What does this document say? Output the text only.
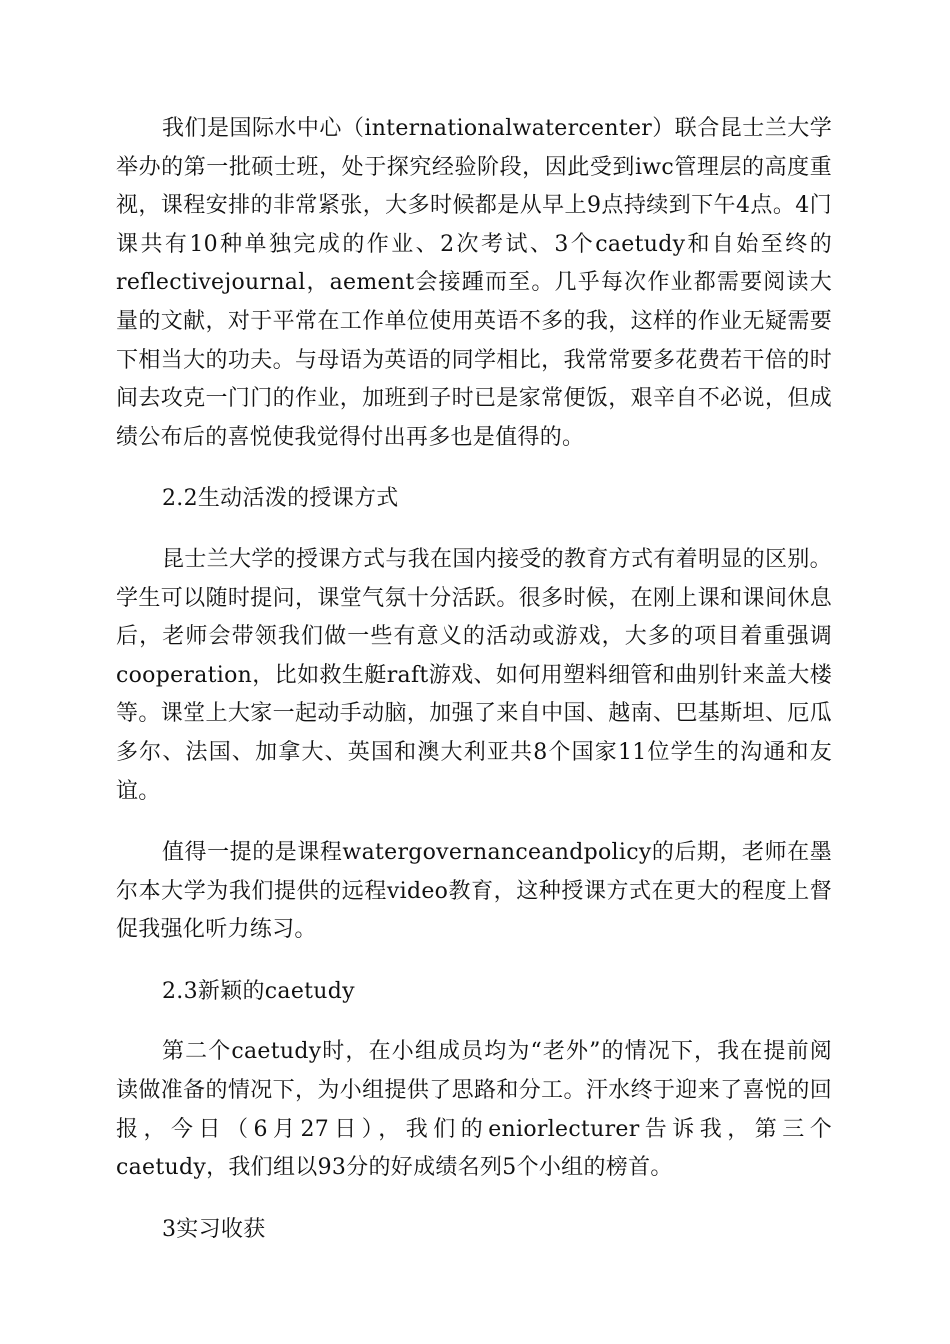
我们是国际水中心（internationalwatercenter）联合昆士兰大学举办的第一批硕士班，处于探究经验阶段，因此受到iwc管理层的高度重视，课程安排的非常紧张，大多时候都是从早上9点持续到下午4点。4门课共有10种单独完成的作业、2次考试、3个caetudy和自始至终的reflectivejournal，aement会接踵而至。几乎每次作业都需要阅读大量的文献，对于平常在工作单位使用英语不多的我，这样的作业无疑需要下相当大的功夫。与母语为英语的同学相比，我常常要多花费若干倍的时间去攻克一门门的作业，加班到子时已是家常便饭，艰辛自不必说，但成绩公布后的喜悦使我觉得付出再多也是值得的。

2.2生动活泼的授课方式

昆士兰大学的授课方式与我在国内接受的教育方式有着明显的区别。学生可以随时提问，课堂气氛十分活跃。很多时候，在刚上课和课间休息后，老师会带领我们做一些有意义的活动或游戏，大多的项目着重强调cooperation，比如救生艇raft游戏、如何用塑料细管和曲别针来盖大楼等。课堂上大家一起动手动脑，加强了来自中国、越南、巴基斯坦、厄瓜多尔、法国、加拿大、英国和澳大利亚共8个国家11位学生的沟通和友谊。

值得一提的是课程watergovernanceandpolicy的后期，老师在墨尔本大学为我们提供的远程video教育，这种授课方式在更大的程度上督促我强化听力练习。

2.3新颖的caetudy

第二个caetudy时，在小组成员均为“老外”的情况下，我在提前阅读做准备的情况下，为小组提供了思路和分工。汗水终于迎来了喜悦的回报，今日（6月27日），我们的eniorlecturer告诉我，第三个caetudy，我们组以93分的好成绩名列5个小组的榜首。

3实习收获
